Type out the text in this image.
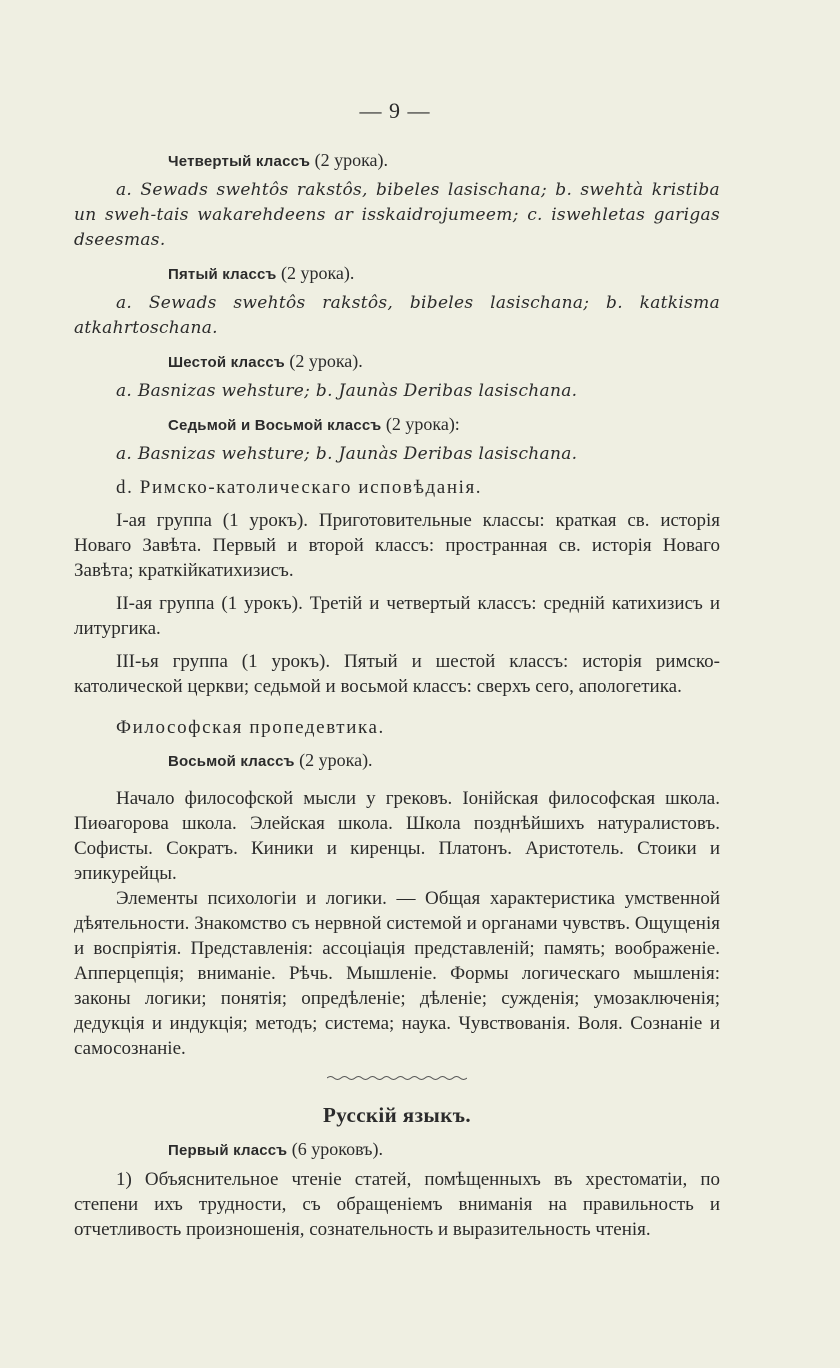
— 9 —
Четвертый классъ (2 урока).

a. Sewads swehtôs rakstôs, bibeles lasischana; b. swehtà kristiba un sweh-tais wakarehdeens ar isskaidrojumeem; c. iswehletas garigas dseesmas.

Пятый классъ (2 урока).

a. Sewads swehtôs rakstôs, bibeles lasischana; b. katkisma atkahrtoschana.

Шестой классъ (2 урока).

a. Basnizas wehsture; b. Jaunàs Deribas lasischana.

Седьмой и Восьмой классъ (2 урока):

a. Basnizas wehsture; b. Jaunàs Deribas lasischana.

d. Римско-католическаго исповѣданія.

I-ая группа (1 урокъ). Приготовительные классы: краткая св. исторія Новаго Завѣта. Первый и второй классъ: пространная св. исторія Новаго Завѣта; краткійкатихизисъ.

II-ая группа (1 урокъ). Третій и четвертый классъ: средній катихизисъ и литургика.

III-ья группа (1 урокъ). Пятый и шестой классъ: исторія римско-католической церкви; седьмой и восьмой классъ: сверхъ сего, апологетика.

Философская пропедевтика.

Восьмой классъ (2 урока).

Начало философской мысли у грековъ. Іонійская философская школа. Пиѳагорова школа. Элейская школа. Школа позднѣйшихъ натуралистовъ. Софисты. Сократъ. Киники и киренцы. Платонъ. Аристотель. Стоики и эпикурейцы.

Элементы психологіи и логики. — Общая характеристика умственной дѣятельности. Знакомство съ нервной системой и органами чувствъ. Ощущенія и воспріятія. Представленія: ассоціація представленій; память; воображеніе. Апперцепція; вниманіе. Рѣчь. Мышленіе. Формы логическаго мышленія: законы логики; понятія; опредѣленіе; дѣленіе; сужденія; умозаключенія; дедукція и индукція; методъ; система; наука. Чувствованія. Воля. Сознаніе и самосознаніе.

Русскій языкъ.
Первый классъ (6 уроковъ).

1) Объяснительное чтеніе статей, помѣщенныхъ въ хрестоматіи, по степени ихъ трудности, съ обращеніемъ вниманія на правильность и отчетливость произношенія, сознательность и выразительность чтенія.
